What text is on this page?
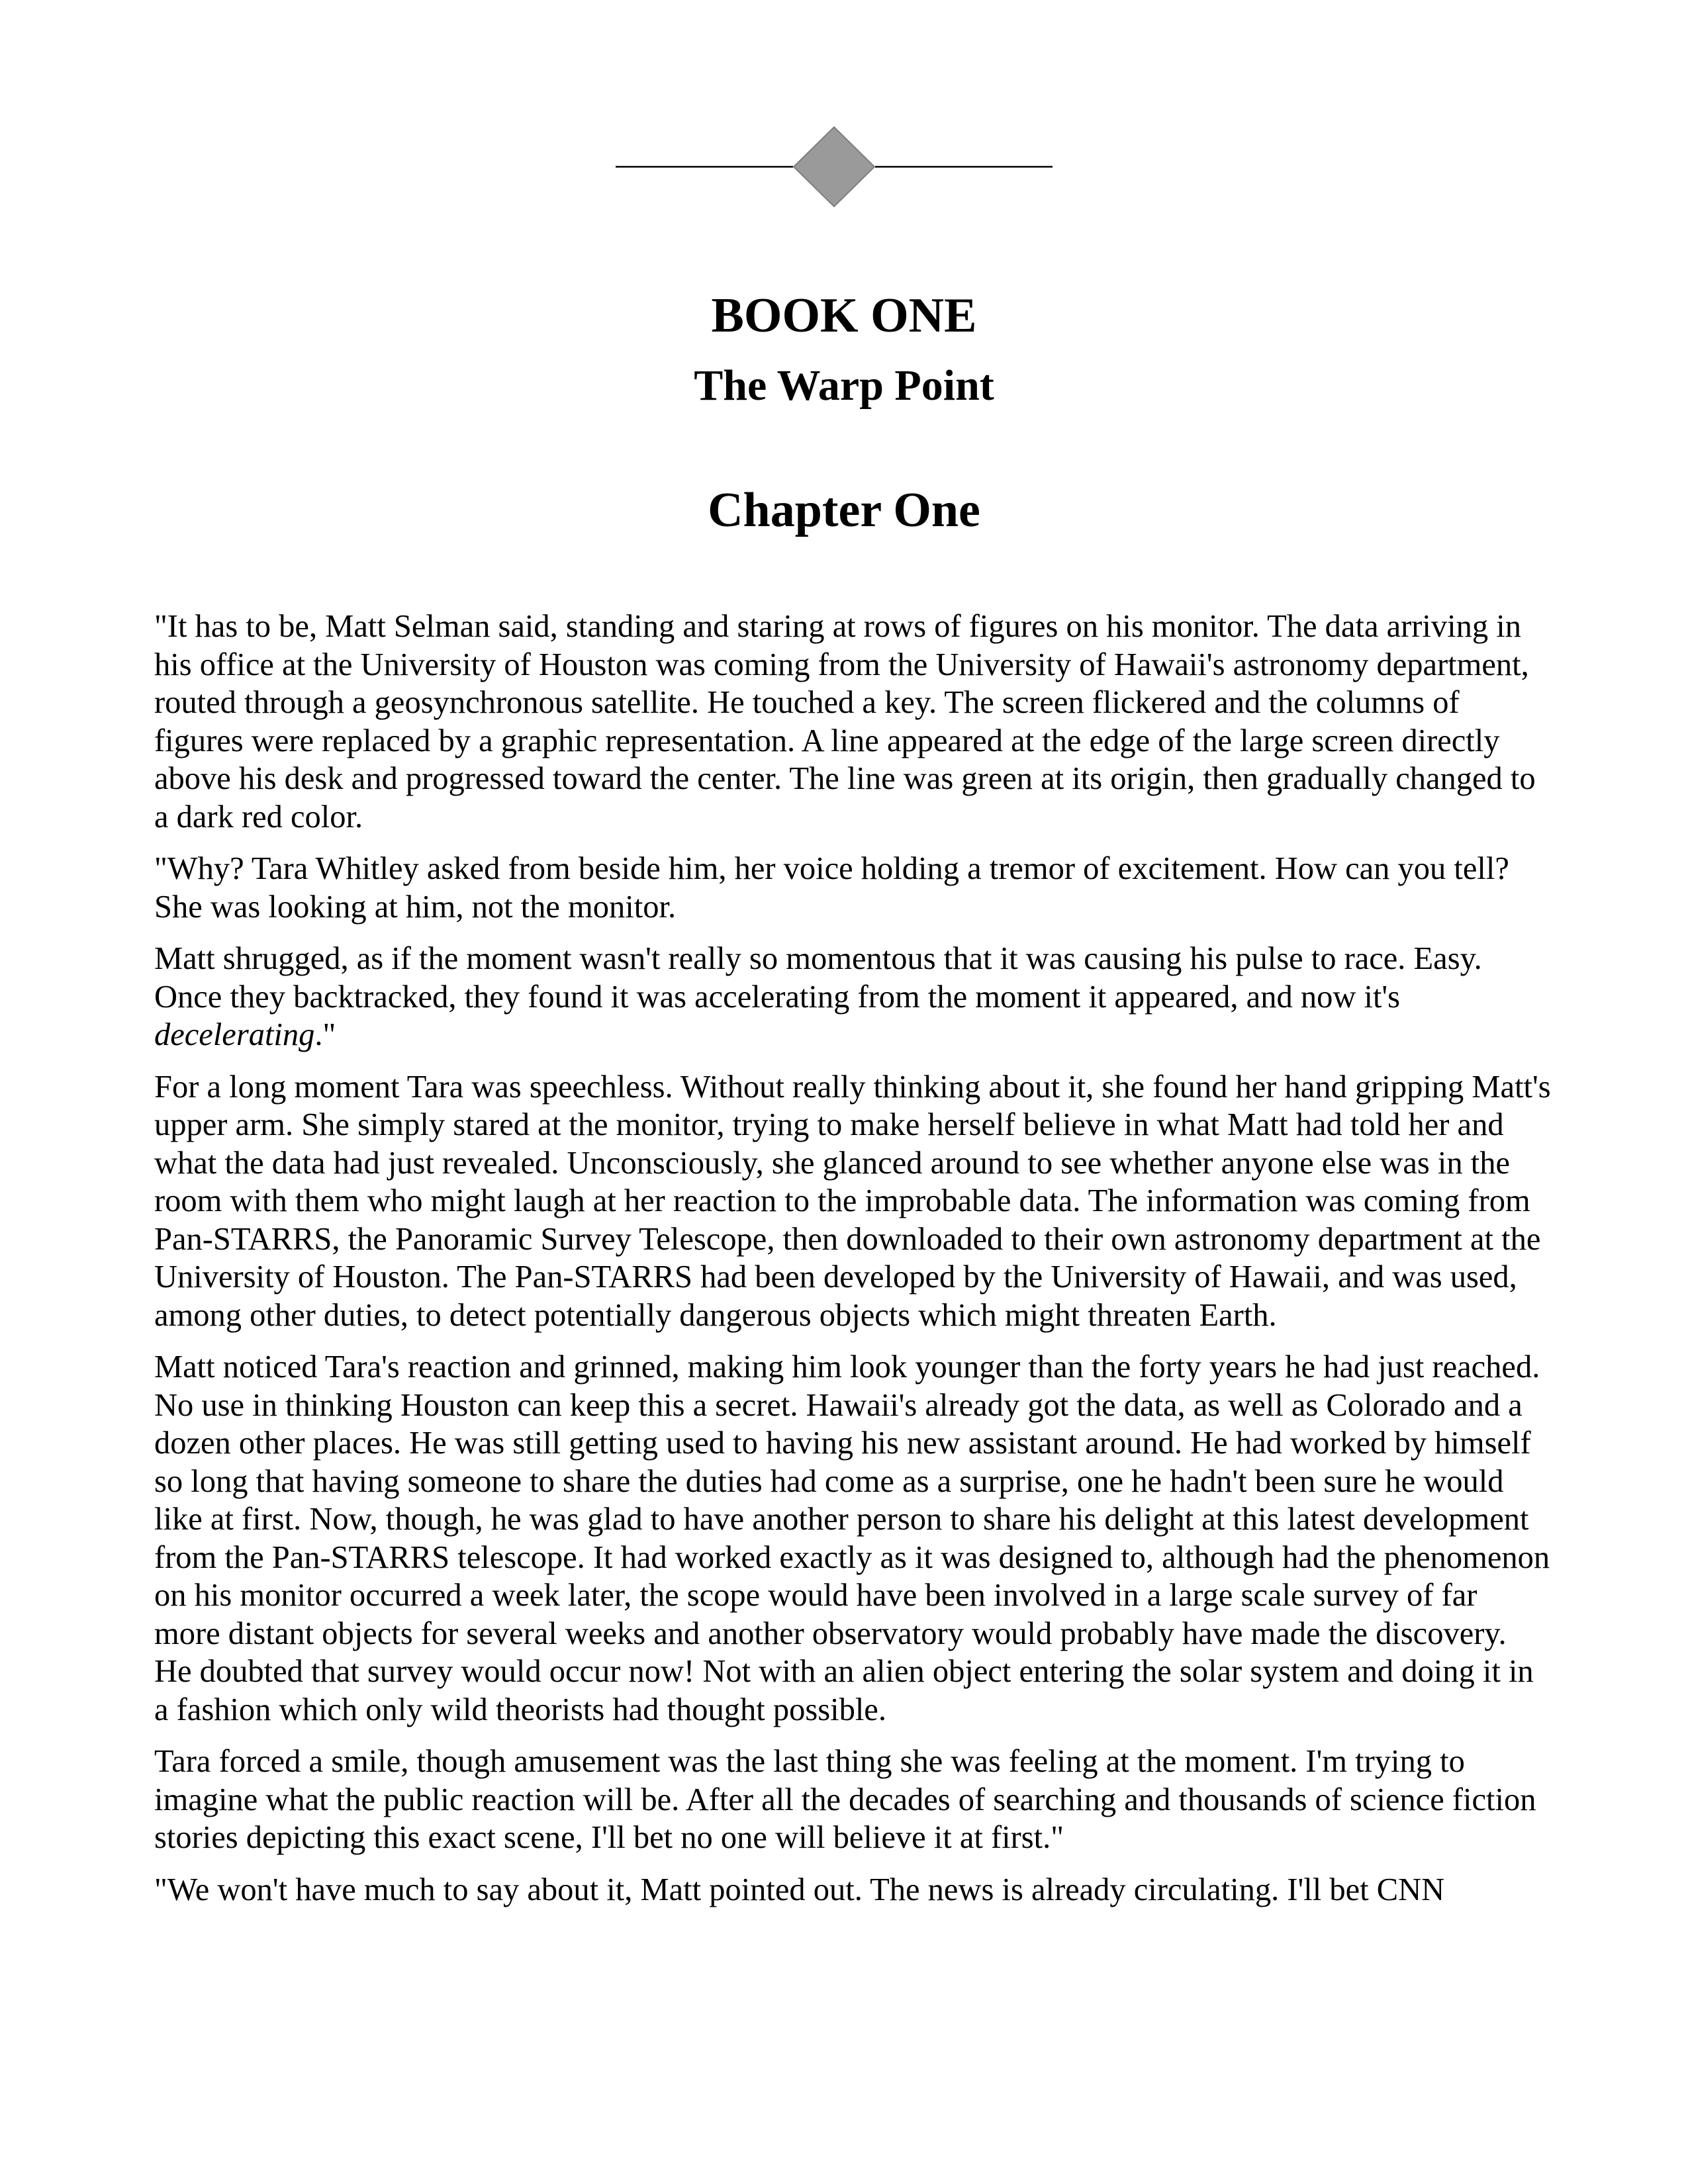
BOOK ONE
The Warp Point
Chapter One

"It has to be, Matt Selman said, standing and staring at rows of figures on his monitor. The data arriving in his office at the University of Houston was coming from the University of Hawaii's astronomy department, routed through a geosynchronous satellite. He touched a key. The screen flickered and the columns of figures were replaced by a graphic representation. A line appeared at the edge of the large screen directly above his desk and progressed toward the center. The line was green at its origin, then gradually changed to a dark red color.

"Why? Tara Whitley asked from beside him, her voice holding a tremor of excitement. How can you tell? She was looking at him, not the monitor.

Matt shrugged, as if the moment wasn't really so momentous that it was causing his pulse to race. Easy. Once they backtracked, they found it was accelerating from the moment it appeared, and now it's decelerating."

For a long moment Tara was speechless. Without really thinking about it, she found her hand gripping Matt's upper arm. She simply stared at the monitor, trying to make herself believe in what Matt had told her and what the data had just revealed. Unconsciously, she glanced around to see whether anyone else was in the room with them who might laugh at her reaction to the improbable data. The information was coming from Pan-STARRS, the Panoramic Survey Telescope, then downloaded to their own astronomy department at the University of Houston. The Pan-STARRS had been developed by the University of Hawaii, and was used, among other duties, to detect potentially dangerous objects which might threaten Earth.

Matt noticed Tara's reaction and grinned, making him look younger than the forty years he had just reached. No use in thinking Houston can keep this a secret. Hawaii's already got the data, as well as Colorado and a dozen other places. He was still getting used to having his new assistant around. He had worked by himself so long that having someone to share the duties had come as a surprise, one he hadn't been sure he would like at first. Now, though, he was glad to have another person to share his delight at this latest development from the Pan-STARRS telescope. It had worked exactly as it was designed to, although had the phenomenon on his monitor occurred a week later, the scope would have been involved in a large scale survey of far more distant objects for several weeks and another observatory would probably have made the discovery. He doubted that survey would occur now! Not with an alien object entering the solar system and doing it in a fashion which only wild theorists had thought possible.

Tara forced a smile, though amusement was the last thing she was feeling at the moment. I'm trying to imagine what the public reaction will be. After all the decades of searching and thousands of science fiction stories depicting this exact scene, I'll bet no one will believe it at first."

"We won't have much to say about it, Matt pointed out. The news is already circulating. I'll bet CNN
